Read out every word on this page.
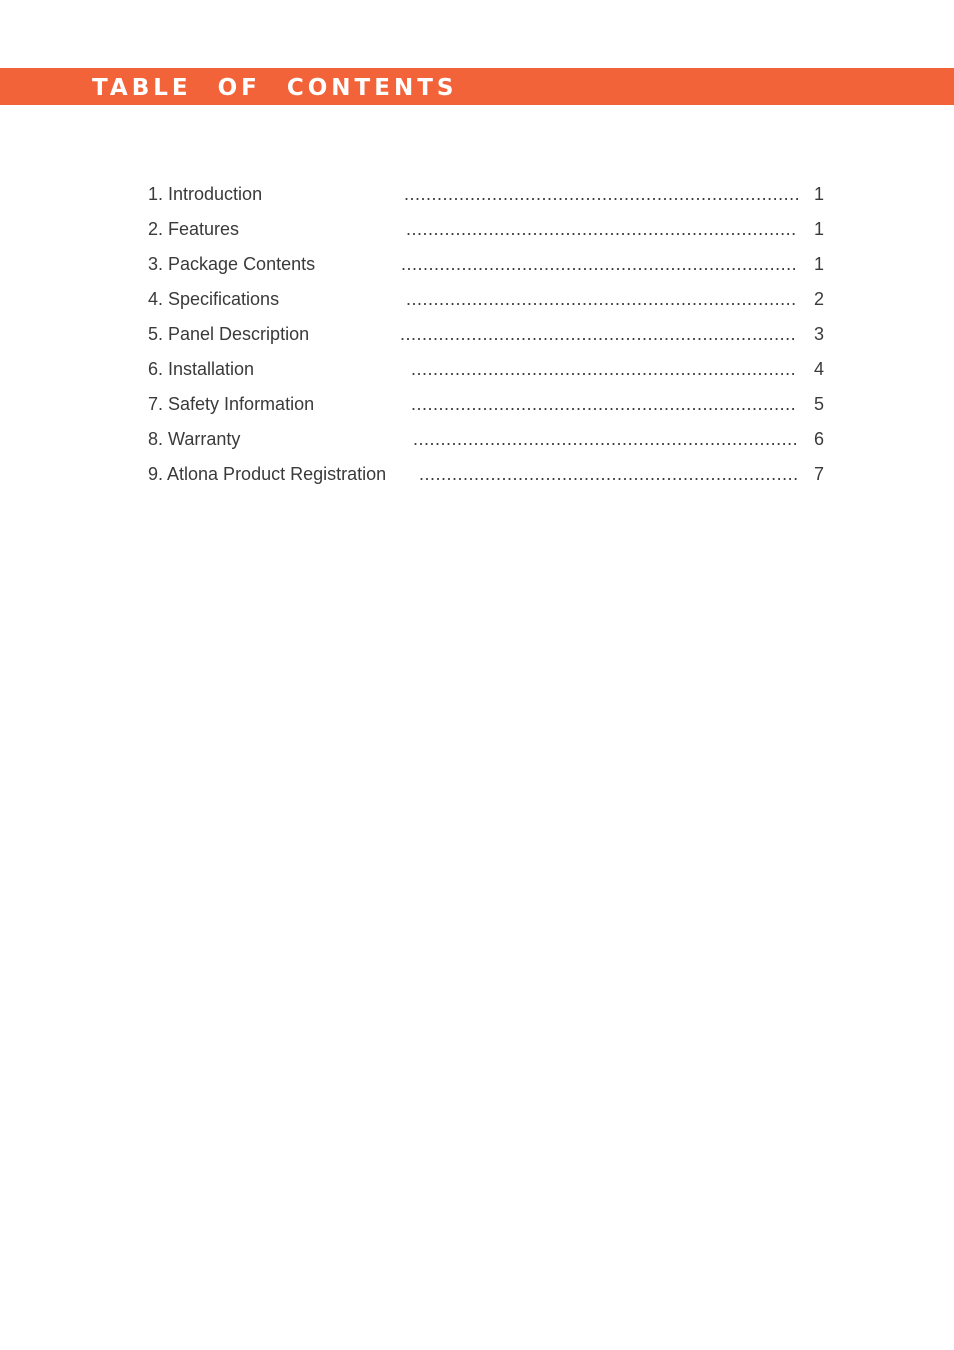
TABLE OF CONTENTS
1. Introduction	........................................................................ 1
2. Features	....................................................................... 1
3. Package Contents	........................................................................ 1
4. Specifications	....................................................................... 2
5. Panel Description	........................................................................ 3
6. Installation	...................................................................... 4
7. Safety Information	...................................................................... 5
8. Warranty	...................................................................... 6
9. Atlona Product Registration ..................................................................... 7
